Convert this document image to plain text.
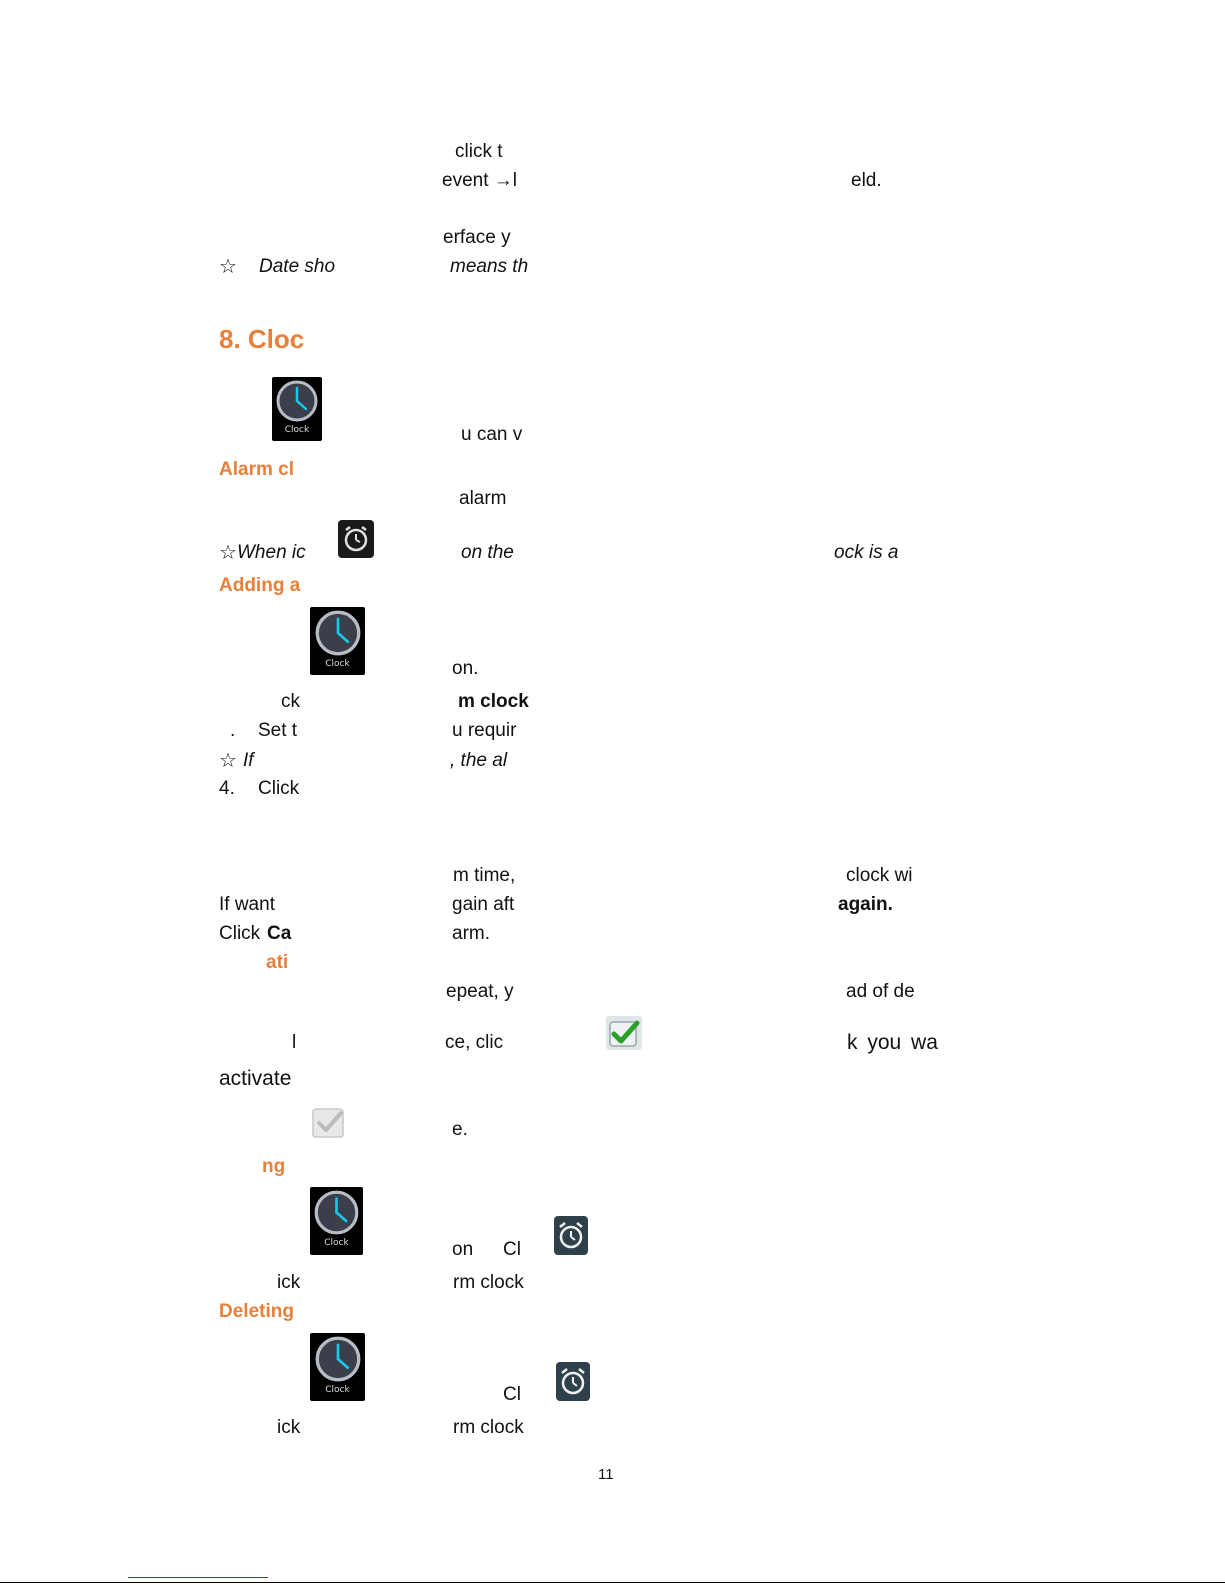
click t
event →l	eld.
erface y
☆ Date sho	means th
8. Cloc
Clock	u can v
Alarm cl
alarm
☆ When ic	on the	ock is a
Adding a
Clock	on.
ck	m clock
. Set t	u requir
☆ If	, the al
4. Click
m time,	clock wi
If want	gain aft	again.
Click Ca	arm.
ati
epeat, y	ad of de
l	ce, clic	k you wa
activate
e.
ng
Clock	on Cl
ick	rm clock
Deleting
Clock	Cl
ick	rm clock
11
